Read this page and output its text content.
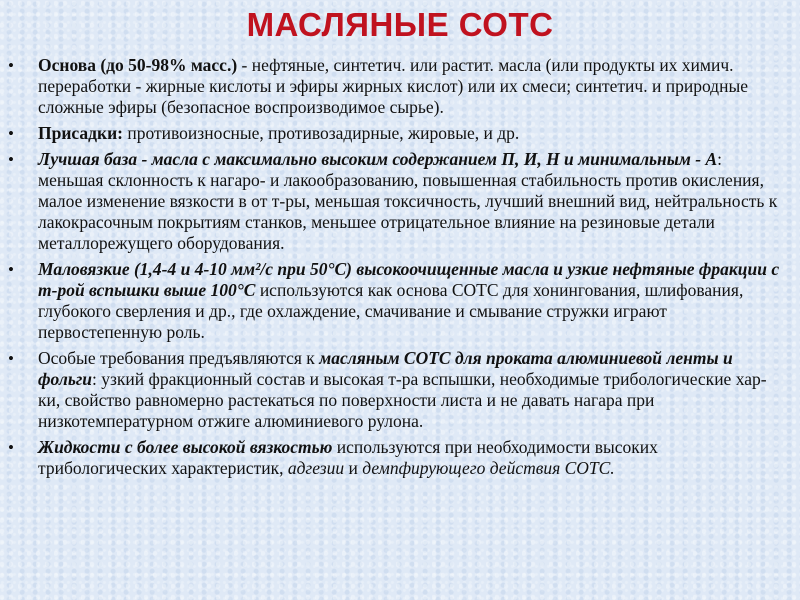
МАСЛЯНЫЕ СОТС
• Основа (до 50-98% масс.) - нефтяные, синтетич. или растит. масла (или продукты их химич. переработки - жирные кислоты и эфиры жирных кислот) или их смеси; синтетич. и природные сложные эфиры (безопасное воспроизводимое сырье).
• Присадки: противоизносные, противозадирные, жировые, и др.
• Лучшая база - масла с максимально высоким содержанием П, И, Н и минимальным - А: меньшая склонность к нагаро- и лакообразованию, повышенная стабильность против окисления, малое изменение вязкости в от т-ры, меньшая токсичность, лучший внешний вид, нейтральность к лакокрасочным покрытиям станков, меньшее отрицательное влияние на резиновые детали металлорежущего оборудования.
• Маловязкие (1,4-4 и 4-10 мм²/с при 50°С) высокоочищенные масла и узкие нефтяные фракции с т-рой вспышки выше 100°С используются как основа СОТС для хонингования, шлифования, глубокого сверления и др., где охлаждение, смачивание и смывание стружки играют первостепенную роль.
• Особые требования предъявляются к масляным СОТС для проката алюминиевой ленты и фольги: узкий фракционный состав и высокая т-ра вспышки, необходимые трибологические хар-ки, свойство равномерно растекаться по поверхности листа и не давать нагара при низкотемпературном отжиге алюминиевого рулона.
• Жидкости с более высокой вязкостью используются при необходимости высоких трибологических характеристик, адгезии и демпфирующего действия СОТС.
